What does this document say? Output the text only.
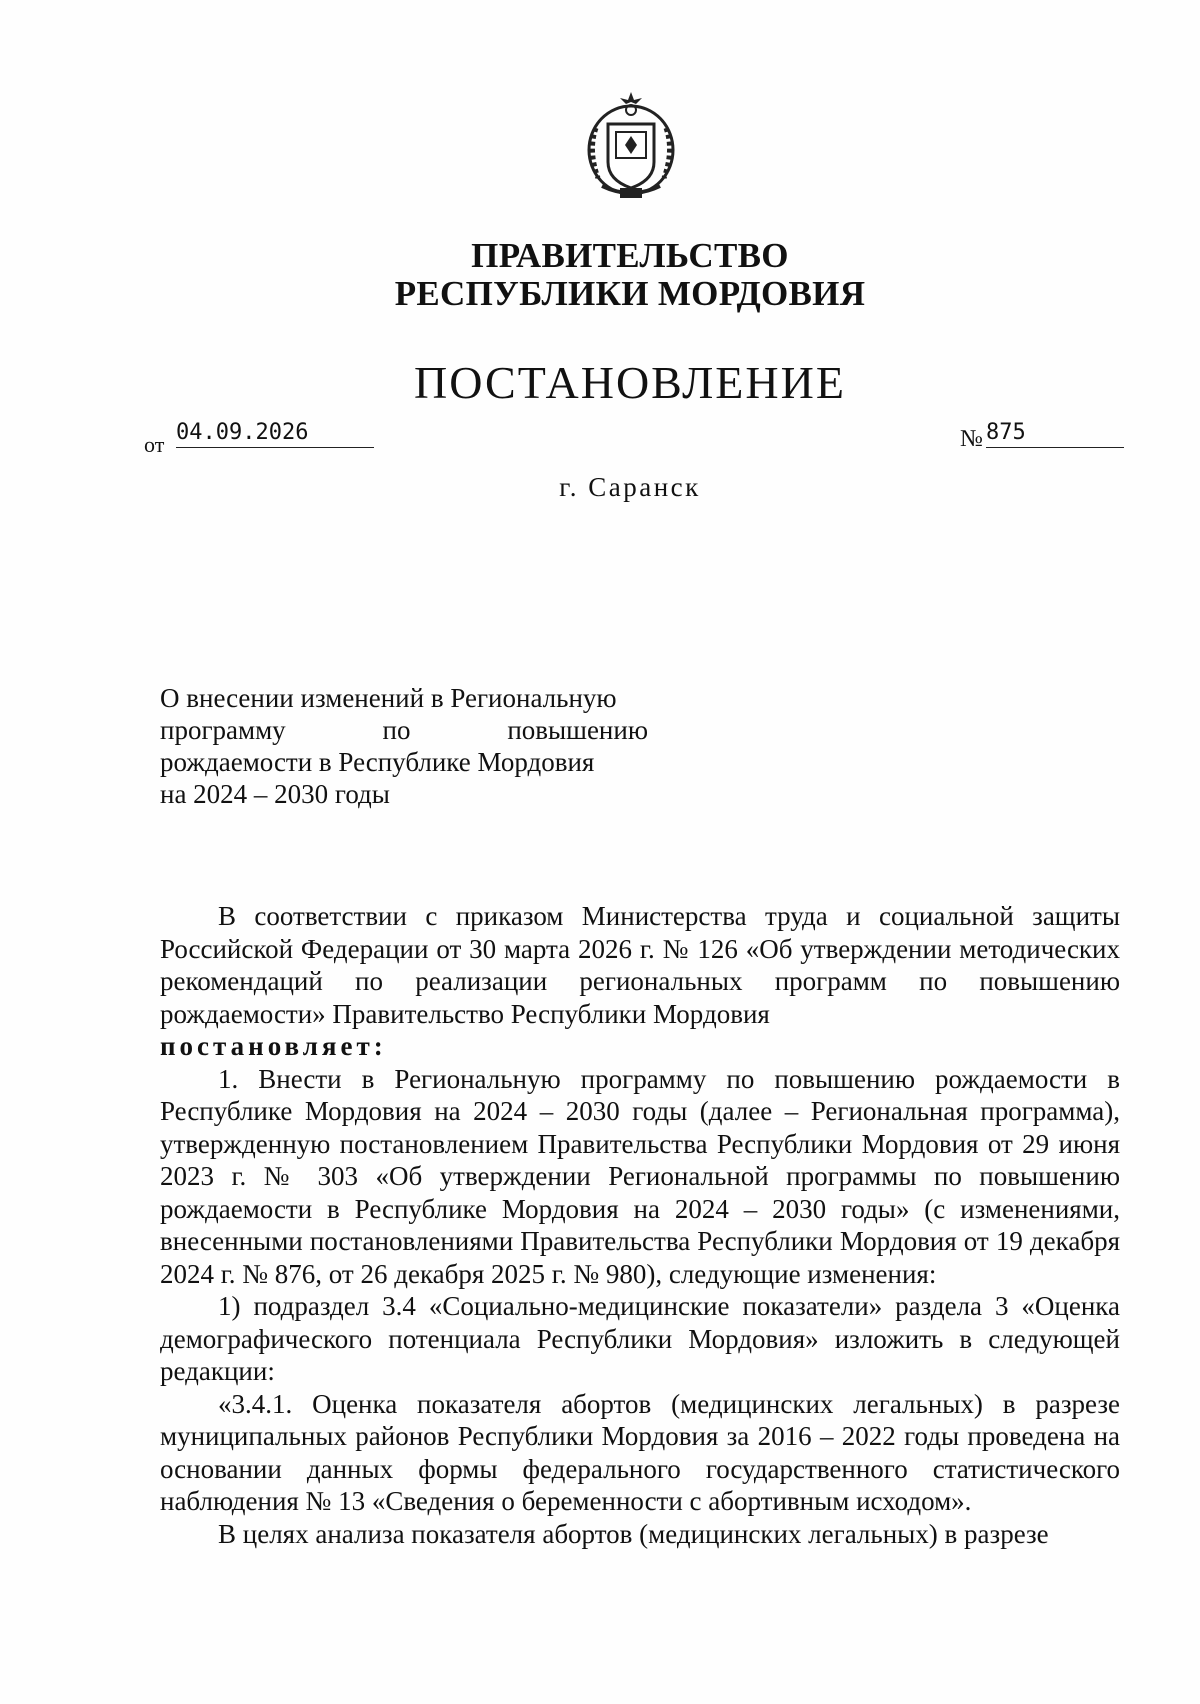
ПРАВИТЕЛЬСТВО
РЕСПУБЛИКИ МОРДОВИЯ
ПОСТАНОВЛЕНИЕ
от 04.09.2026	№ 875
г. Саранск

О внесении изменений в Региональную

программу по повышению

рождаемости в Республике Мордовия

на 2024 – 2030 годы

В соответствии с приказом Министерства труда и социальной защиты Российской Федерации от 30 марта 2026 г. № 126 «Об утверждении методических рекомендаций по реализации региональных программ по повышению рождаемости» Правительство Республики Мордовия

постановляет:

1. Внести в Региональную программу по повышению рождаемости в Республике Мордовия на 2024 – 2030 годы (далее – Региональная программа), утвержденную постановлением Правительства Республики Мордовия от 29 июня 2023 г. № 303 «Об утверждении Региональной программы по повышению рождаемости в Республике Мордовия на 2024 – 2030 годы» (с изменениями, внесенными постановлениями Правительства Республики Мордовия от 19 декабря 2024 г. № 876, от 26 декабря 2025 г. № 980), следующие изменения:

1) подраздел 3.4 «Социально-медицинские показатели» раздела 3 «Оценка демографического потенциала Республики Мордовия» изложить в следующей редакции:

«3.4.1. Оценка показателя абортов (медицинских легальных) в разрезе муниципальных районов Республики Мордовия за 2016 – 2022 годы проведена на основании данных формы федерального государственного статистического наблюдения № 13 «Сведения о беременности с абортивным исходом».

В целях анализа показателя абортов (медицинских легальных) в разрезе
